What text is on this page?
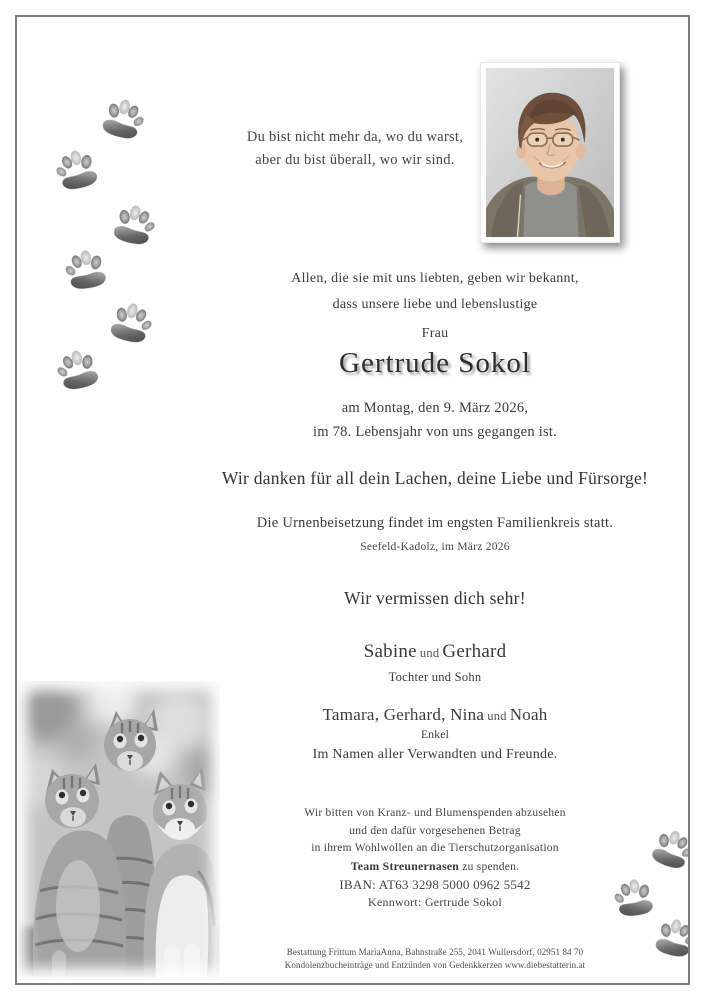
Du bist nicht mehr da, wo du warst,
aber du bist überall, wo wir sind.
Allen, die sie mit uns liebten, geben wir bekannt,
dass unsere liebe und lebenslustige
Frau
Gertrude Sokol
am Montag, den 9. März 2026,
im 78. Lebensjahr von uns gegangen ist.
Wir danken für all dein Lachen, deine Liebe und Fürsorge!
Die Urnenbeisetzung findet im engsten Familienkreis statt.
Seefeld-Kadolz, im März 2026
Wir vermissen dich sehr!
Sabine und Gerhard
Tochter und Sohn
Tamara, Gerhard, Nina und Noah
Enkel
Im Namen aller Verwandten und Freunde.
Wir bitten von Kranz- und Blumenspenden abzusehen
und den dafür vorgesehenen Betrag
in ihrem Wohlwollen an die Tierschutzorganisation
Team Streunernasen zu spenden.
IBAN: AT63 3298 5000 0962 5542
Kennwort: Gertrude Sokol
Bestattung Frittum MariaAnna, Bahnstraße 255, 2041 Wullersdorf, 02951 84 70
Kondolenzbucheinträge und Entzünden von Gedenkkerzen www.diebestatterin.at
